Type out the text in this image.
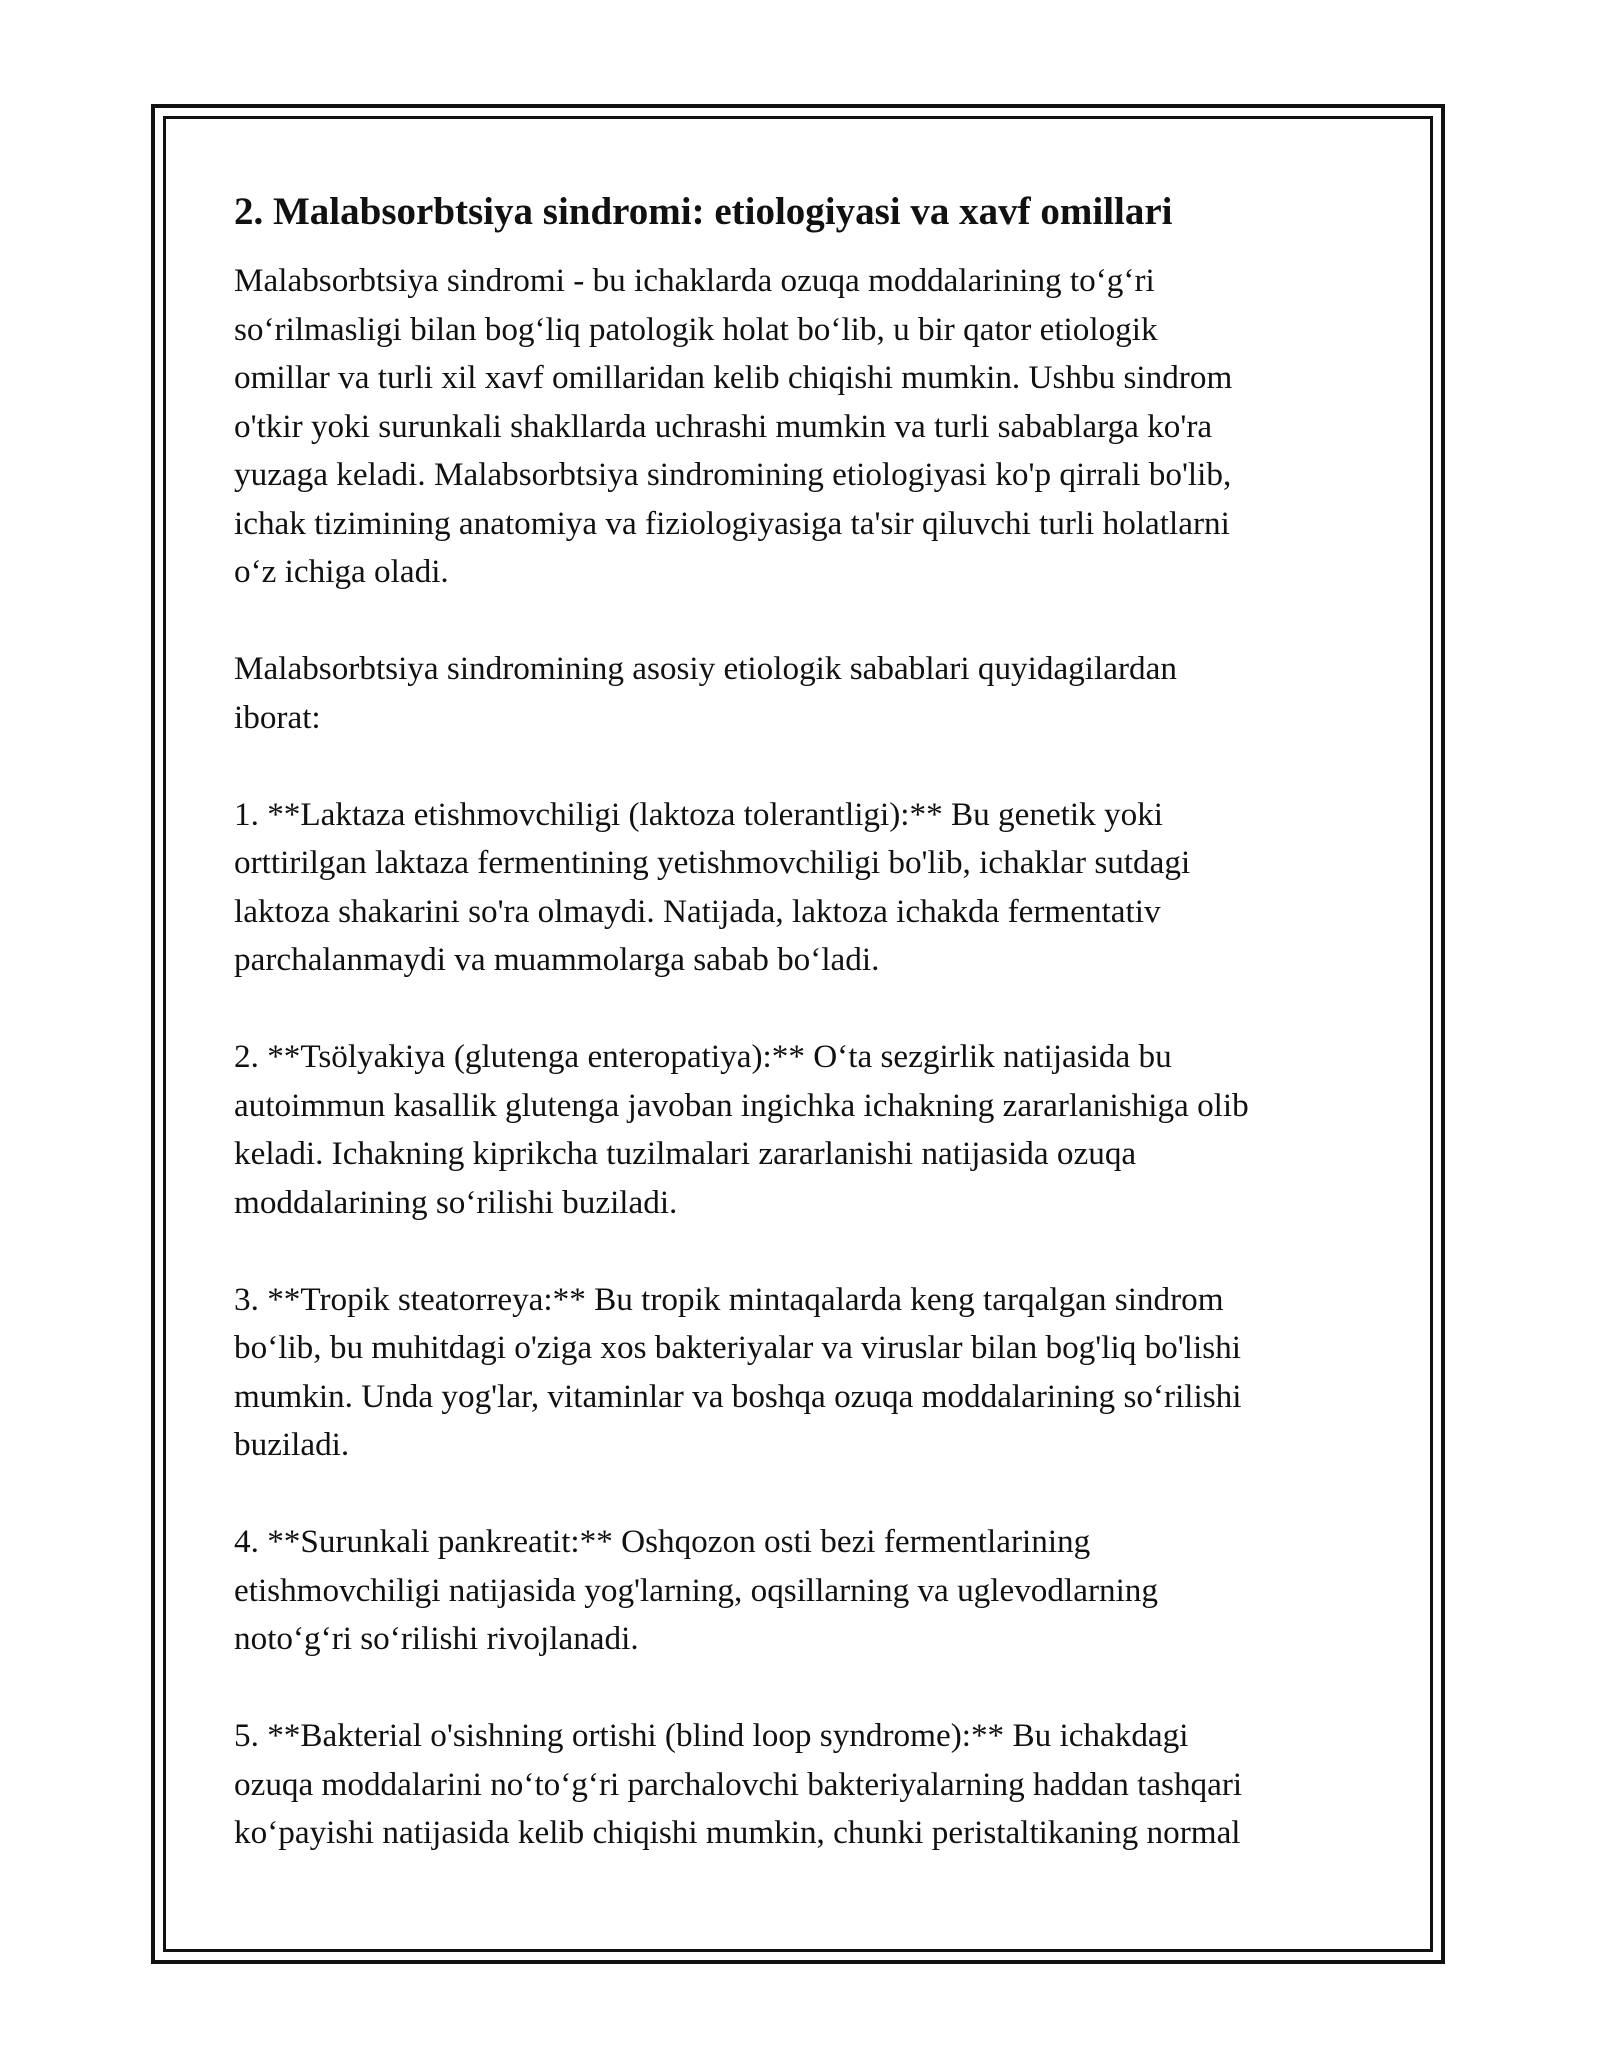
2. Malabsorbtsiya sindromi: etiologiyasi va xavf omillari

Malabsorbtsiya sindromi - bu ichaklarda ozuqa moddalarining to‘g‘ri
so‘rilmasligi bilan bog‘liq patologik holat bo‘lib, u bir qator etiologik
omillar va turli xil xavf omillaridan kelib chiqishi mumkin. Ushbu sindrom
o'tkir yoki surunkali shakllarda uchrashi mumkin va turli sabablarga ko'ra
yuzaga keladi. Malabsorbtsiya sindromining etiologiyasi ko'p qirrali bo'lib,
ichak tizimining anatomiya va fiziologiyasiga ta'sir qiluvchi turli holatlarni
o‘z ichiga oladi.

Malabsorbtsiya sindromining asosiy etiologik sabablari quyidagilardan
iborat:

1. **Laktaza etishmovchiligi (laktoza tolerantligi):** Bu genetik yoki
orttirilgan laktaza fermentining yetishmovchiligi bo'lib, ichaklar sutdagi
laktoza shakarini so'ra olmaydi. Natijada, laktoza ichakda fermentativ
parchalanmaydi va muammolarga sabab bo‘ladi.

2. **Tsölyakiya (glutenga enteropatiya):** O‘ta sezgirlik natijasida bu
autoimmun kasallik glutenga javoban ingichka ichakning zararlanishiga olib
keladi. Ichakning kiprikcha tuzilmalari zararlanishi natijasida ozuqa
moddalarining so‘rilishi buziladi.

3. **Tropik steatorreya:** Bu tropik mintaqalarda keng tarqalgan sindrom
bo‘lib, bu muhitdagi o'ziga xos bakteriyalar va viruslar bilan bog'liq bo'lishi
mumkin. Unda yog'lar, vitaminlar va boshqa ozuqa moddalarining so‘rilishi
buziladi.

4. **Surunkali pankreatit:** Oshqozon osti bezi fermentlarining
etishmovchiligi natijasida yog'larning, oqsillarning va uglevodlarning
noto‘g‘ri so‘rilishi rivojlanadi.

5. **Bakterial o'sishning ortishi (blind loop syndrome):** Bu ichakdagi
ozuqa moddalarini no‘to‘g‘ri parchalovchi bakteriyalarning haddan tashqari
ko‘payishi natijasida kelib chiqishi mumkin, chunki peristaltikaning normal
